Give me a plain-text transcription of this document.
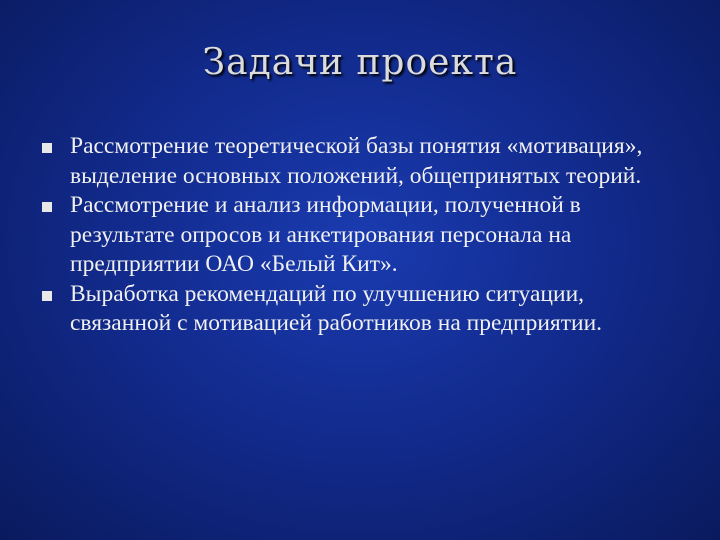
Задачи проекта
Рассмотрение теоретической базы понятия «мотивация», выделение основных положений, общепринятых теорий.
Рассмотрение и анализ информации, полученной в результате опросов и анкетирования персонала на предприятии ОАО «Белый Кит».
Выработка рекомендаций по улучшению ситуации, связанной с мотивацией работников на предприятии.
